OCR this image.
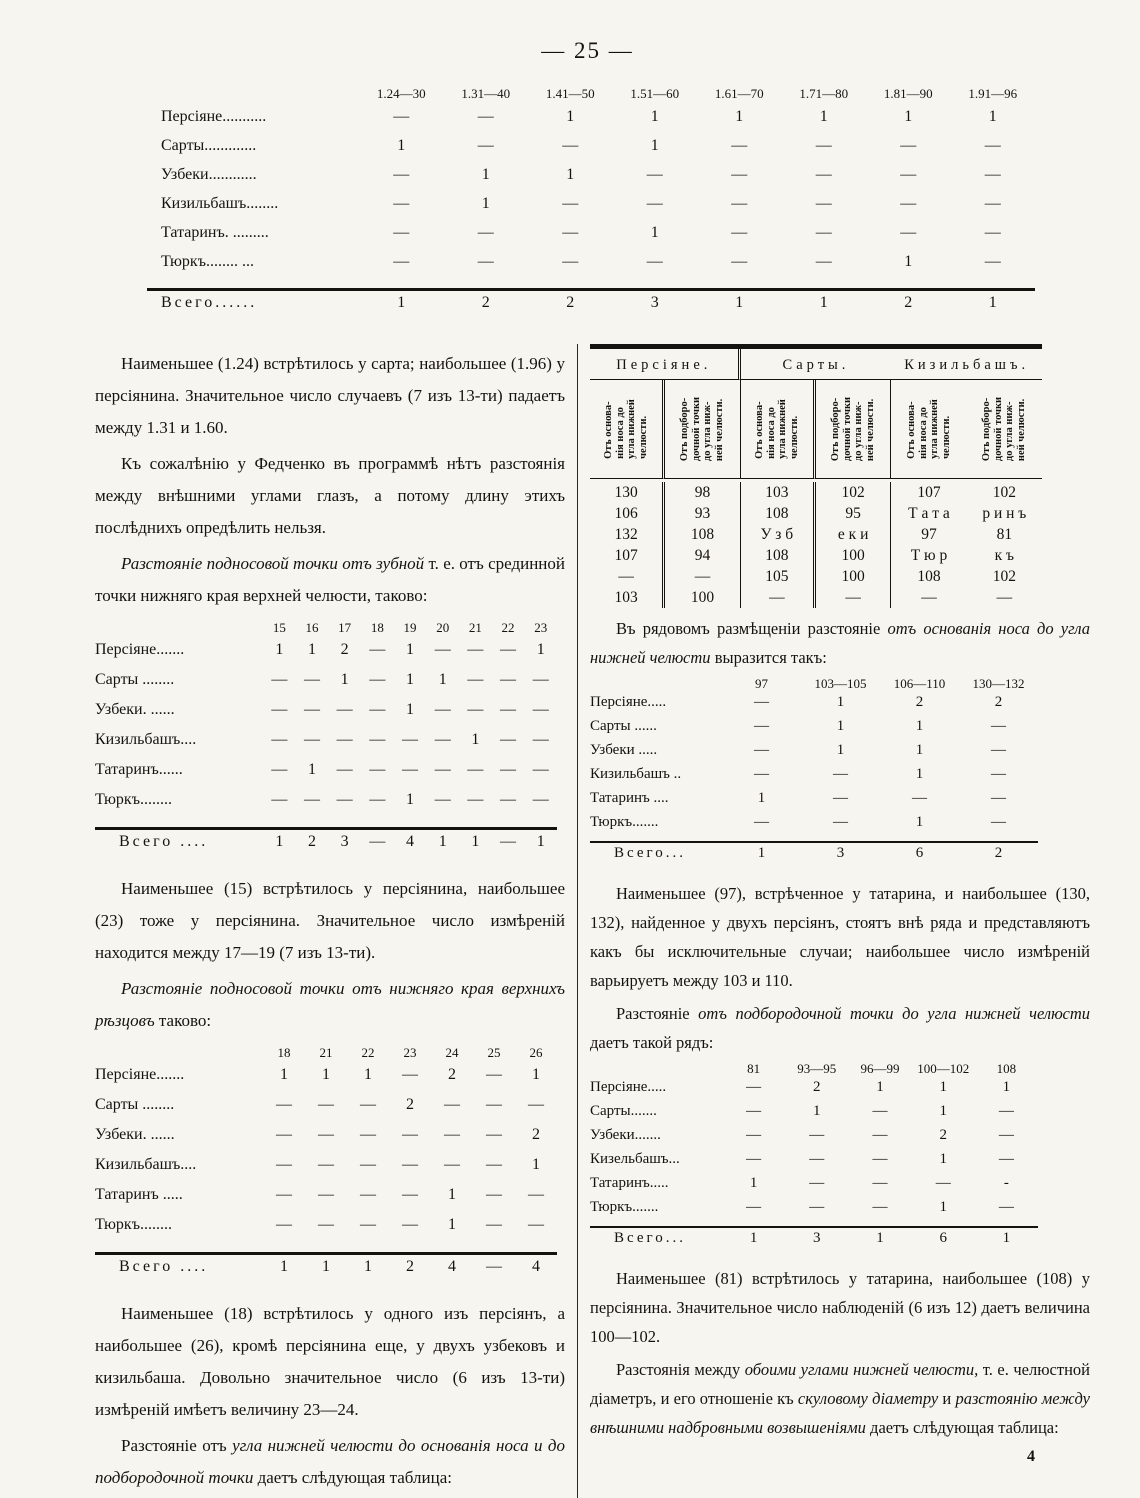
— 25 —
1.24—30	1.31—40	1.41—50	1.51—60	1.61—70	1.71—80	1.81—90	1.91—96
Персіяне...........	—	—	1	1	1	1	1	1
Сарты.............	1	—	—	1	—	—	—	—
Узбеки............	—	1	1	—	—	—	—	—
Кизильбашъ........	—	1	—	—	—	—	—	—
Татаринъ. .........	—	—	—	1	—	—	—	—
Тюркъ........ ...	—	—	—	—	—	—	1	—
Всего......	1	2	2	3	1	1	2	1

Наименьшее (1.24) встрѣтилось у сарта; наибольшее (1.96) у персіянина. Значительное число случаевъ (7 изъ 13-ти) падаетъ между 1.31 и 1.60.

Къ сожалѣнію у Федченко въ программѣ нѣтъ разстоянія между внѣшними углами глазъ, а потому длину этихъ послѣднихъ опредѣлить нельзя.

Разстояніе подносовой точки отъ зубной т. е. отъ срединной точки нижняго края верхней челюсти, таково:

15	16	17	18	19	20	21	22	23
Персіяне.......	1	1	2	—	1	—	—	—	1
Сарты ........	—	—	1	—	1	1	—	—	—
Узбеки. ......	—	—	—	—	1	—	—	—	—
Кизильбашъ....	—	—	—	—	—	—	1	—	—
Татаринъ......	—	1	—	—	—	—	—	—	—
Тюркъ........	—	—	—	—	1	—	—	—	—
Всего ....	1	2	3	—	4	1	1	—	1

Наименьшее (15) встрѣтилось у персіянина, наибольшее (23) тоже у персіянина. Значительное число измѣреній находится между 17—19 (7 изъ 13-ти).

Разстояніе подносовой точки отъ нижняго края верхнихъ рѣзцовъ таково:

18	21	22	23	24	25	26
Персіяне.......	1	1	1	—	2	—	1
Сарты ........	—	—	—	2	—	—	—
Узбеки. ......	—	—	—	—	—	—	2
Кизильбашъ....	—	—	—	—	—	—	1
Татаринъ .....	—	—	—	—	1	—	—
Тюркъ........	—	—	—	—	1	—	—
Всего ....	1	1	1	2	4	—	4

Наименьшее (18) встрѣтилось у одного изъ персіянъ, а наибольшее (26), кромѣ персіянина еще, у двухъ узбековъ и кизильбаша. Довольно значительное число (6 изъ 13-ти) измѣреній имѣетъ величину 23—24.

Разстояніе отъ угла нижней челюсти до основанія носа и до подбородочной точки даетъ слѣдующая таблица:

Персіяне.	Сарты.	Кизильбашъ.
Отъ основа- нія носа до угла нижней челюсти.	Отъ подборо- дочной точки до угла ниж- ней челюсти.	Отъ основа- нія носа до угла нижней челюсти.	Отъ подборо- дочной точки до угла ниж- ней челюсти.	Отъ основа- нія носа до угла нижней челюсти.	Отъ подборо- дочной точки до угла ниж- ней челюсти.
130	98	103	102	107	102
106	93	108	95	Т а т а	р и н ъ
132	108	У з б	е к и	97	81
107	94	108	100	Т ю р	к ъ
—	—	105	100	108	102
103	100	—	—	—	—

Въ рядовомъ размѣщеніи разстояніе отъ основанія носа до угла нижней челюсти выразится такъ:

97	103—105	106—110	130—132
Персіяне.....	—	1	2	2
Сарты ......	—	1	1	—
Узбеки .....	—	1	1	—
Кизильбашъ ..	—	—	1	—
Татаринъ ....	1	—	—	—
Тюркъ.......	—	—	1	—
Всего...	1	3	6	2

Наименьшее (97), встрѣченное у татарина, и наибольшее (130, 132), найденное у двухъ персіянъ, стоятъ внѣ ряда и представляютъ какъ бы исключительные случаи; наибольшее число измѣреній варьируетъ между 103 и 110.

Разстояніе отъ подбородочной точки до угла нижней челюсти даетъ такой рядъ:

81	93—95	96—99	100—102	108
Персіяне.....	—	2	1	1	1
Сарты.......	—	1	—	1	—
Узбеки.......	—	—	—	2	—
Кизельбашъ...	—	—	—	1	—
Татаринъ.....	1	—	—	—	-
Тюркъ.......	—	—	—	1	—
Всего...	1	3	1	6	1

Наименьшее (81) встрѣтилось у татарина, наибольшее (108) у персіянина. Значительное число наблюденій (6 изъ 12) даетъ величина 100—102.

Разстоянія между обоими углами нижней челюсти, т. е. челюстной діаметръ, и его отношеніе къ скуловому діаметру и разстоянію между внѣшними надбровными возвышеніями даетъ слѣдующая таблица:

4
